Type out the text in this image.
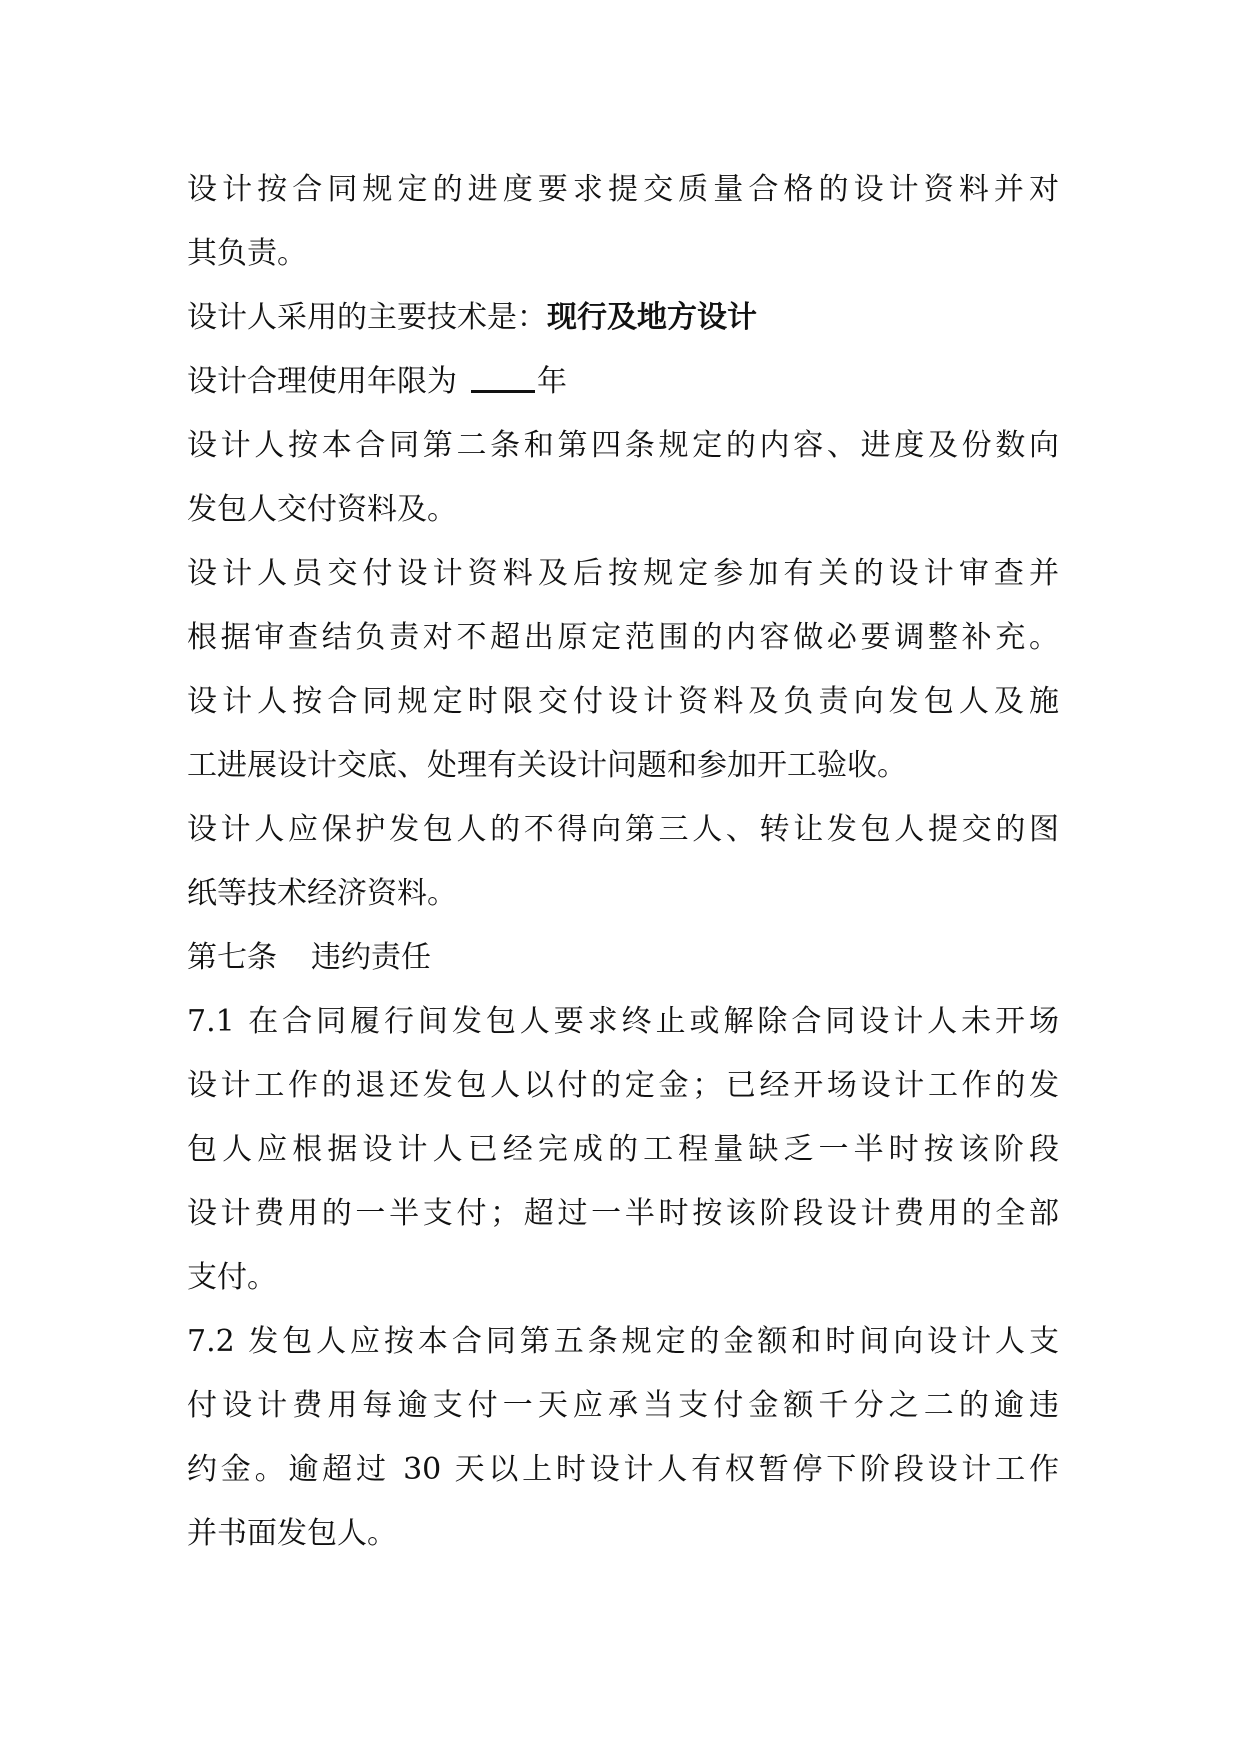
设计按合同规定的进度要求提交质量合格的设计资料并对
其负责。
设计人采用的主要技术是：现行及地方设计
设计合理使用年限为	年
设计人按本合同第二条和第四条规定的内容、进度及份数向
发包人交付资料及。
设计人员交付设计资料及后按规定参加有关的设计审查并
根据审查结负责对不超出原定范围的内容做必要调整补充。
设计人按合同规定时限交付设计资料及负责向发包人及施
工进展设计交底、处理有关设计问题和参加开工验收。
设计人应保护发包人的不得向第三人、转让发包人提交的图
纸等技术经济资料。
第七条 违约责任
7.1 在合同履行间发包人要求终止或解除合同设计人未开场
设计工作的退还发包人以付的定金；已经开场设计工作的发
包人应根据设计人已经完成的工程量缺乏一半时按该阶段
设计费用的一半支付；超过一半时按该阶段设计费用的全部
支付。
7.2 发包人应按本合同第五条规定的金额和时间向设计人支
付设计费用每逾支付一天应承当支付金额千分之二的逾违
约金。逾超过 30 天以上时设计人有权暂停下阶段设计工作
并书面发包人。
